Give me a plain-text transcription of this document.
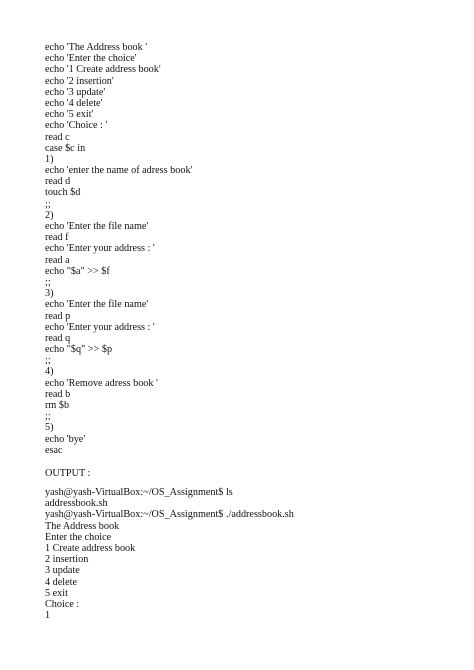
echo 'The Address book '
echo 'Enter the choice'
echo '1 Create address book'
echo '2 insertion'
echo '3 update'
echo '4 delete'
echo '5 exit'
echo 'Choice : '
read c
case $c in
1)
echo 'enter the name of adress book'
read d
touch $d
;;
2)
echo 'Enter the file name'
read f
echo 'Enter your address : '
read a
echo "$a" >> $f
;;
3)
echo 'Enter the file name'
read p
echo 'Enter your address : '
read q
echo "$q" >> $p
;;
4)
echo 'Remove adress book '
read b
rm $b
;;
5)
echo 'bye'
esac
OUTPUT :
yash@yash-VirtualBox:~/OS_Assignment$ ls
addressbook.sh
yash@yash-VirtualBox:~/OS_Assignment$ ./addressbook.sh
The Address book
Enter the choice
1 Create address book
2 insertion
3 update
4 delete
5 exit
Choice :
1
